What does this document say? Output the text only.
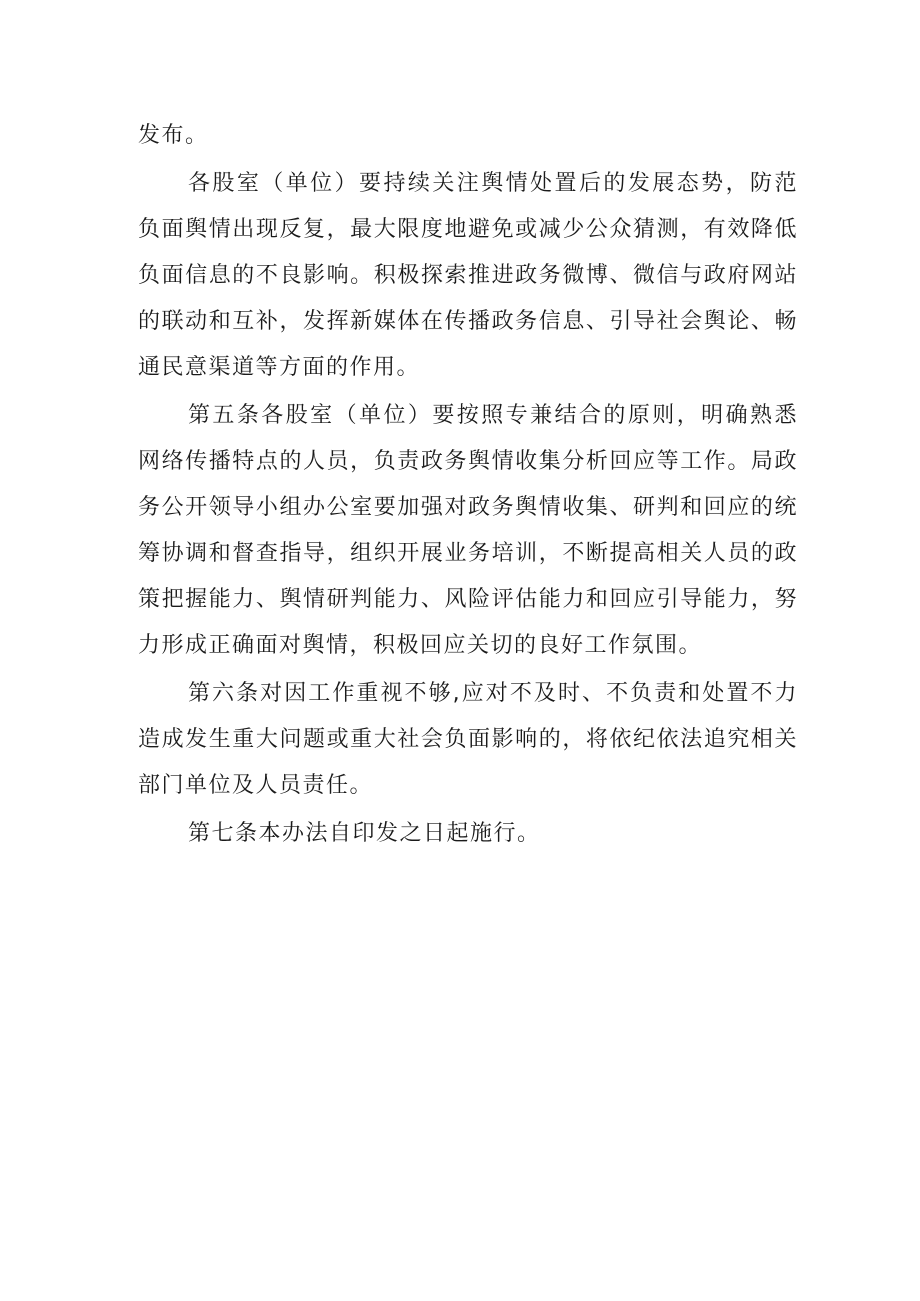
发布。

各股室（单位）要持续关注舆情处置后的发展态势，防范负面舆情出现反复，最大限度地避免或减少公众猜测，有效降低负面信息的不良影响。积极探索推进政务微博、微信与政府网站的联动和互补，发挥新媒体在传播政务信息、引导社会舆论、畅通民意渠道等方面的作用。

第五条各股室（单位）要按照专兼结合的原则，明确熟悉网络传播特点的人员，负责政务舆情收集分析回应等工作。局政务公开领导小组办公室要加强对政务舆情收集、研判和回应的统筹协调和督查指导，组织开展业务培训，不断提高相关人员的政策把握能力、舆情研判能力、风险评估能力和回应引导能力，努力形成正确面对舆情，积极回应关切的良好工作氛围。

第六条对因工作重视不够,应对不及时、不负责和处置不力造成发生重大问题或重大社会负面影响的，将依纪依法追究相关部门单位及人员责任。

第七条本办法自印发之日起施行。
